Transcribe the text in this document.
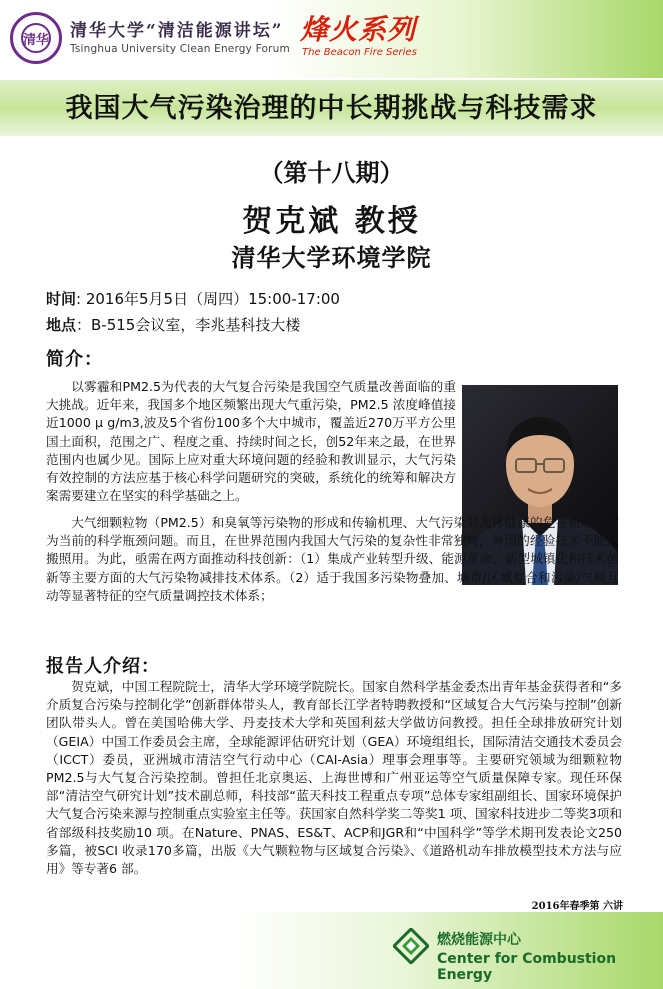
清华 清华大学“清洁能源讲坛”
Tsinghua University Clean Energy Forum
烽火系列
The Beacon Fire Series
我国大气污染治理的中长期挑战与科技需求
（第十八期）
贺克斌 教授
清华大学环境学院
时间: 2016年5月5日（周四）15:00-17:00
地点：B-515会议室，李兆基科技大楼
简介：

以雾霾和PM2.5为代表的大气复合污染是我国空气质量改善面临的重大挑战。近年来，我国多个地区频繁出现大气重污染，PM2.5 浓度峰值接近1000 μ g/m3,波及5个省份100多个大中城市，覆盖近270万平方公里国土面积，范围之广、程度之重、持续时间之长，创52年来之最，在世界范围内也属少见。国际上应对重大环境问题的经验和教训显示，大气污染有效控制的方法应基于核心科学问题研究的突破，系统化的统筹和解决方案需要建立在坚实的科学基础之上。

大气细颗粒物（PM2.5）和臭氧等污染物的形成和传输机理、大气污染对人体健康的危害机制等均为当前的科学瓶颈问题。而且，在世界范围内我国大气污染的复杂性非常独特，外国的经验技术不能照搬照用。为此，亟需在两方面推动科技创新：（1）集成产业转型升级、能源革命、新型城镇化和技术创新等主要方面的大气污染物减排技术体系。（2）适于我国多污染物叠加、城市/区域复合和污染/气候互动等显著特征的空气质量调控技术体系；

报告人介绍：

贺克斌，中国工程院院士，清华大学环境学院院长。国家自然科学基金委杰出青年基金获得者和“多介质复合污染与控制化学”创新群体带头人，教育部长江学者特聘教授和“区域复合大气污染与控制”创新团队带头人。曾在美国哈佛大学、丹麦技术大学和英国利兹大学做访问教授。担任全球排放研究计划（GEIA）中国工作委员会主席，全球能源评估研究计划（GEA）环境组组长，国际清洁交通技术委员会（ICCT）委员，亚洲城市清洁空气行动中心（CAI-Asia）理事会理事等。主要研究领域为细颗粒物PM2.5与大气复合污染控制。曾担任北京奥运、上海世博和广州亚运等空气质量保障专家。现任环保部“清洁空气研究计划”技术副总师，科技部“蓝天科技工程重点专项”总体专家组副组长、国家环境保护大气复合污染来源与控制重点实验室主任等。获国家自然科学奖二等奖1 项、国家科技进步二等奖3项和省部级科技奖励10 项。在Nature、PNAS、ES&T、ACP和JGR和“中国科学”等学术期刊发表论文250多篇，被SCI 收录170多篇，出版《大气颗粒物与区域复合污染》、《道路机动车排放模型技术方法与应用》等专著6 部。

2016年春季第 六讲
燃烧能源中心
Center for Combustion Energy
